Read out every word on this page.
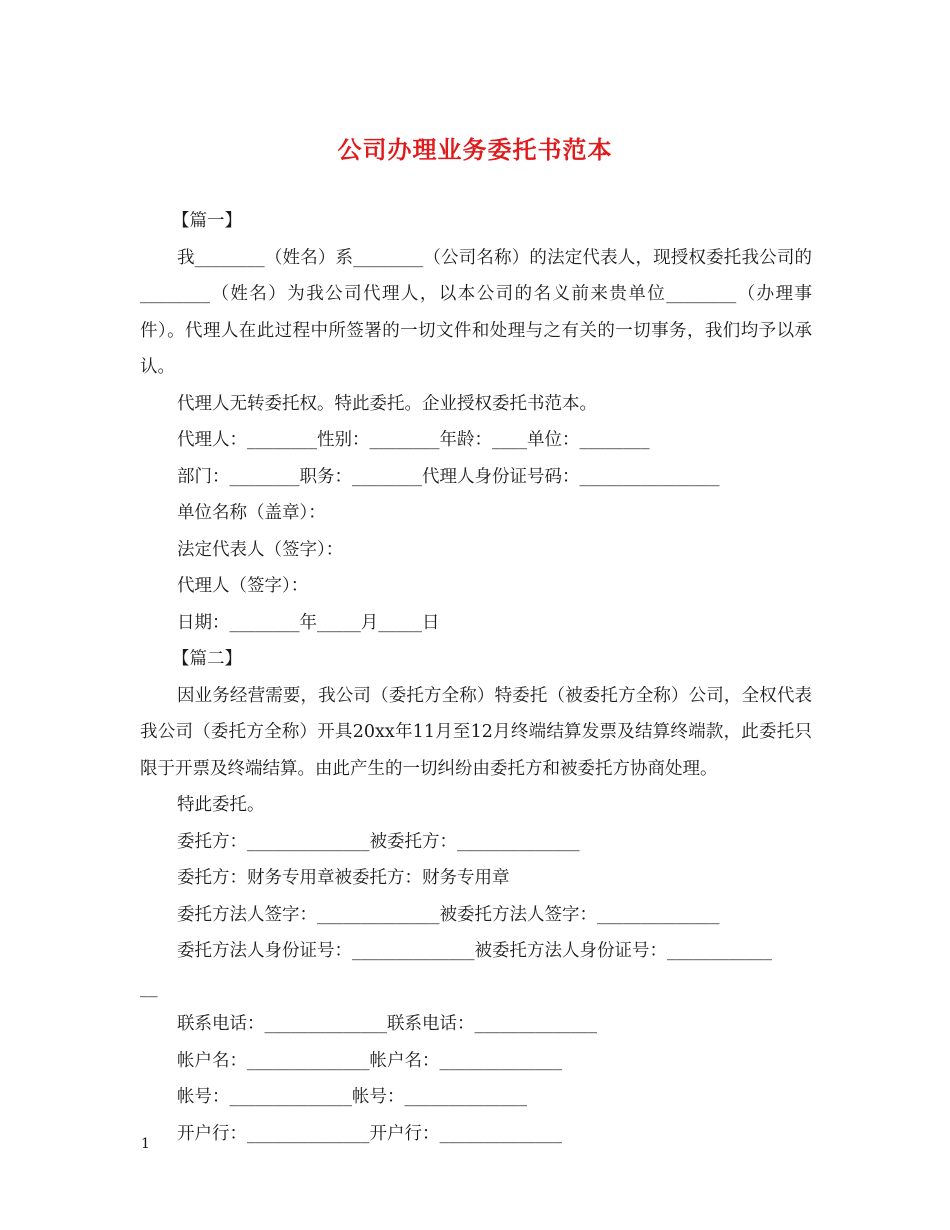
公司办理业务委托书范本

【篇一】

我________（姓名）系________（公司名称）的法定代表人，现授权委托我公司的________（姓名）为我公司代理人，以本公司的名义前来贵单位________（办理事件）。代理人在此过程中所签署的一切文件和处理与之有关的一切事务，我们均予以承认。

代理人无转委托权。特此委托。企业授权委托书范本。

代理人：________性别：________年龄：____单位：________

部门：________职务：________代理人身份证号码：________________

单位名称（盖章）：

法定代表人（签字）：

代理人（签字）：

日期：________年_____月_____日

【篇二】

因业务经营需要，我公司（委托方全称）特委托（被委托方全称）公司，全权代表我公司（委托方全称）开具20xx年11月至12月终端结算发票及结算终端款，此委托只限于开票及终端结算。由此产生的一切纠纷由委托方和被委托方协商处理。

特此委托。

委托方：______________被委托方：______________

委托方：财务专用章被委托方：财务专用章

委托方法人签字：______________被委托方法人签字：______________

委托方法人身份证号：______________被委托方法人身份证号：____________

__

联系电话：______________联系电话：______________

帐户名：______________帐户名：______________

帐号：______________帐号：______________

开户行：______________开户行：______________

1
